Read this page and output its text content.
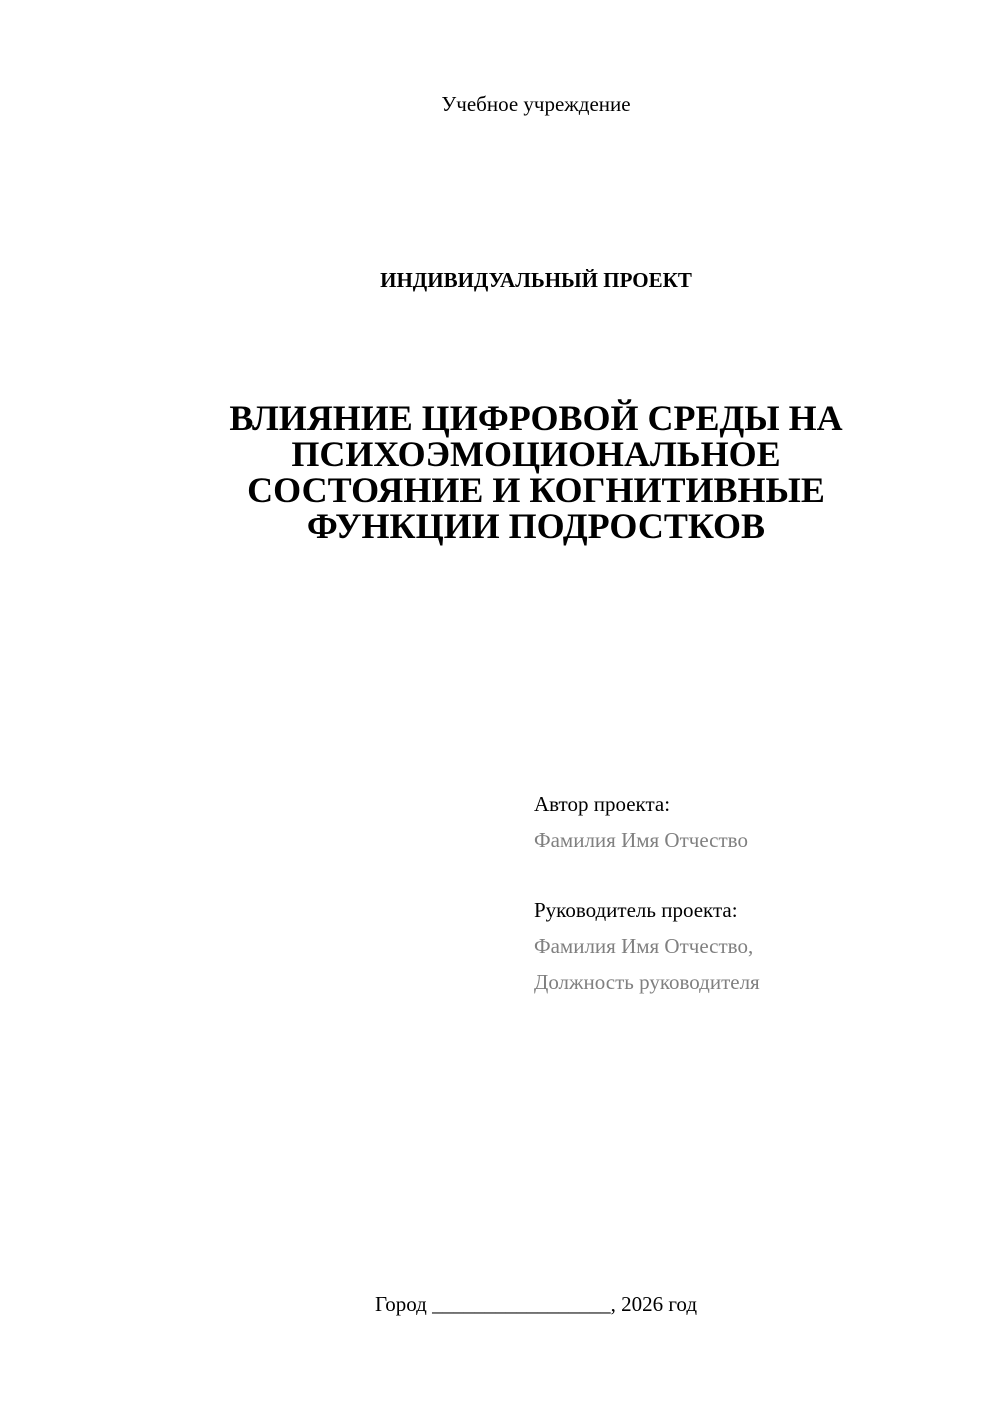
Учебное учреждение
ИНДИВИДУАЛЬНЫЙ ПРОЕКТ
ВЛИЯНИЕ ЦИФРОВОЙ СРЕДЫ НА
ПСИХОЭМОЦИОНАЛЬНОЕ
СОСТОЯНИЕ И КОГНИТИВНЫЕ
ФУНКЦИИ ПОДРОСТКОВ
Автор проекта:
Фамилия Имя Отчество
Руководитель проекта:
Фамилия Имя Отчество,
Должность руководителя
Город _________________, 2026 год
